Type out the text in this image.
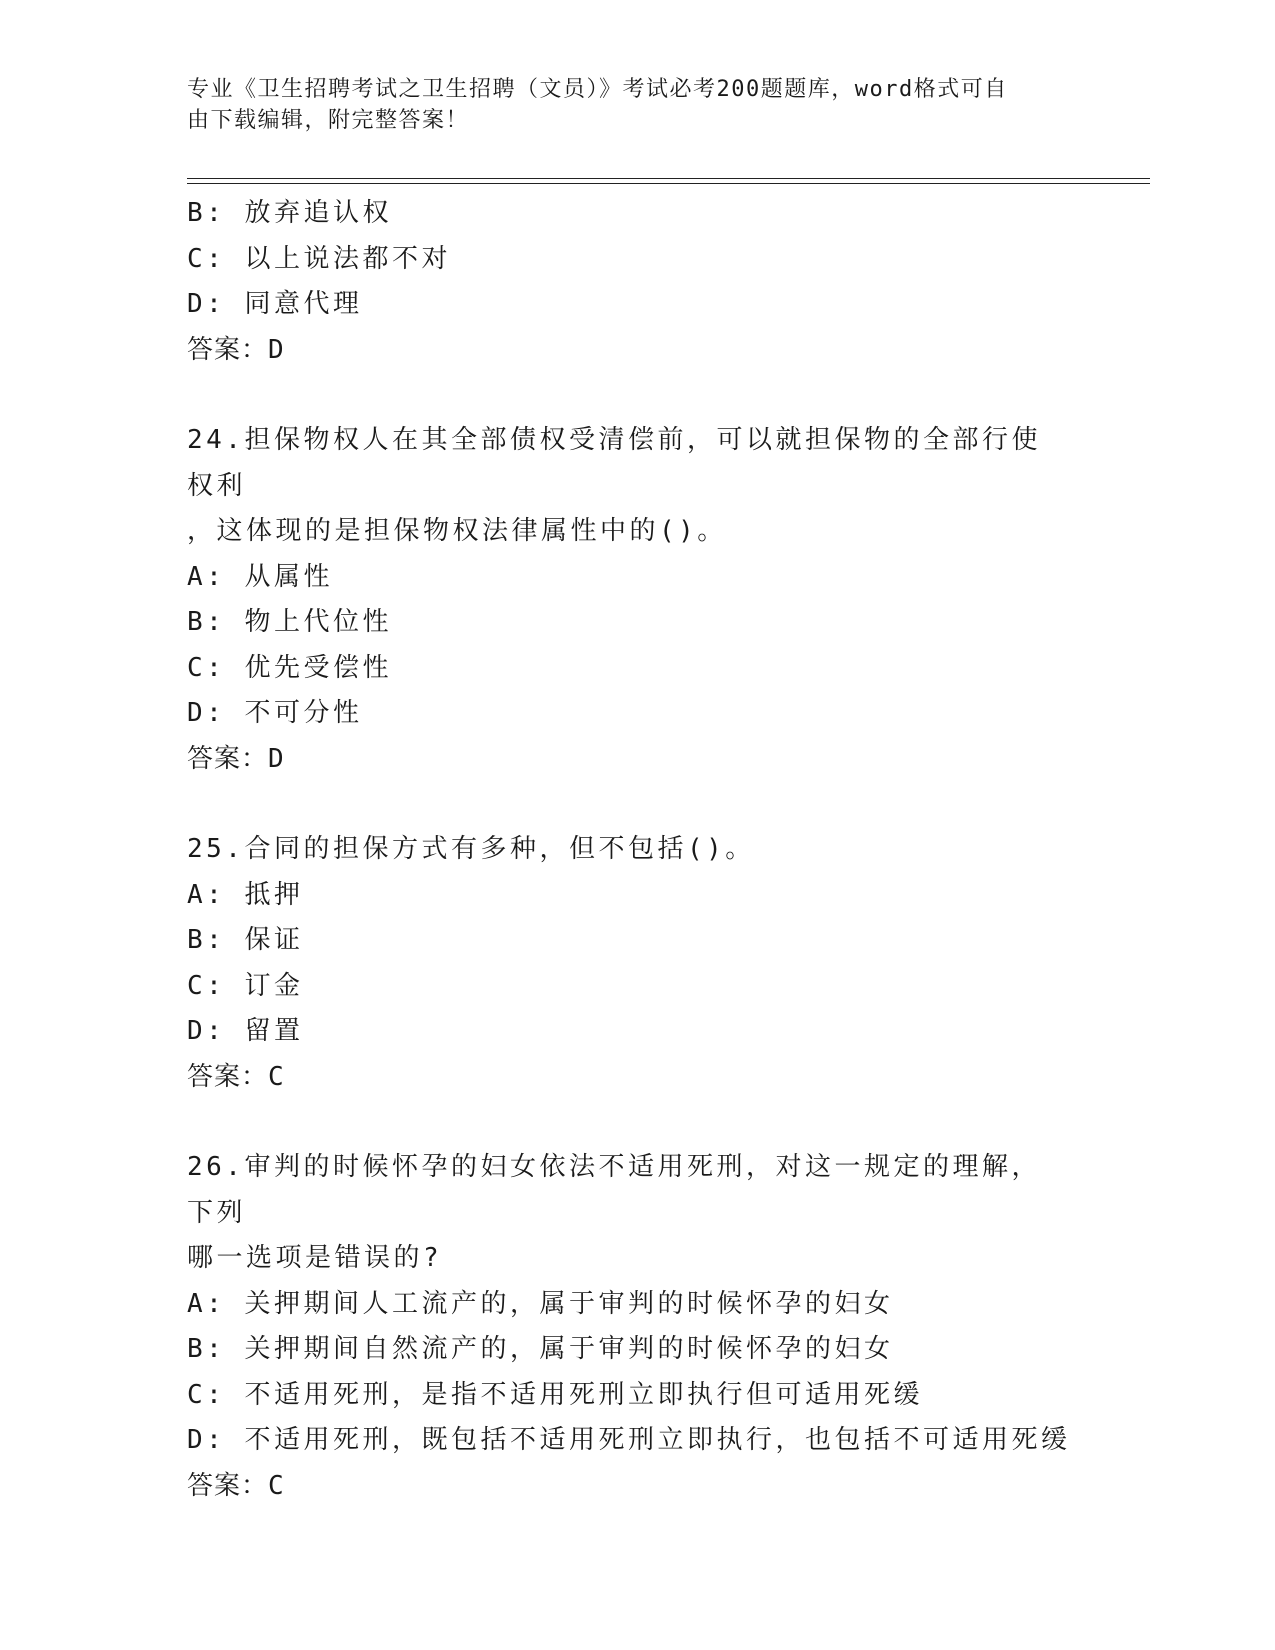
专业《卫生招聘考试之卫生招聘（文员）》考试必考200题题库，word格式可自
由下载编辑，附完整答案！
B: 放弃追认权
C: 以上说法都不对
D: 同意代理
答案：D
24.担保物权人在其全部债权受清偿前，可以就担保物的全部行使权利
，这体现的是担保物权法律属性中的()。
A: 从属性
B: 物上代位性
C: 优先受偿性
D: 不可分性
答案：D
25.合同的担保方式有多种，但不包括()。
A: 抵押
B: 保证
C: 订金
D: 留置
答案：C
26.审判的时候怀孕的妇女依法不适用死刑，对这一规定的理解，下列
哪一选项是错误的?
A: 关押期间人工流产的，属于审判的时候怀孕的妇女
B: 关押期间自然流产的，属于审判的时候怀孕的妇女
C: 不适用死刑，是指不适用死刑立即执行但可适用死缓
D: 不适用死刑，既包括不适用死刑立即执行，也包括不可适用死缓
答案：C
